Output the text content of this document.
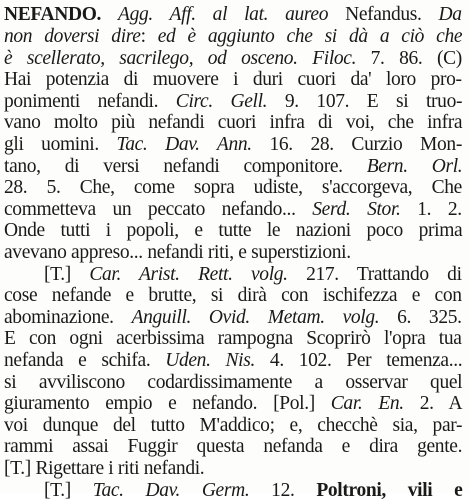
NEFANDO. Agg. Aff. al lat. aureo Nefandus. Da
non doversi dire: ed è aggiunto che si dà a ciò che
è scellerato, sacrilego, od osceno. Filoc. 7. 86. (C)
Hai potenzia di muovere i duri cuori da' loro pro-
ponimenti nefandi. Circ. Gell. 9. 107. E si truo-
vano molto più nefandi cuori infra di voi, che infra
gli uomini. Tac. Dav. Ann. 16. 28. Curzio Mon-
tano, di versi nefandi componitore. Bern. Orl.
28. 5. Che, come sopra udiste, s'accorgeva, Che
commetteva un peccato nefando... Serd. Stor. 1. 2.
Onde tutti i popoli, e tutte le nazioni poco prima
avevano appreso... nefandi riti, e superstizioni.
[T.] Car. Arist. Rett. volg. 217. Trattando di
cose nefande e brutte, si dirà con ischifezza e con
abominazione. Anguill. Ovid. Metam. volg. 6. 325.
E con ogni acerbissima rampogna Scoprirò l'opra tua
nefanda e schifa. Uden. Nis. 4. 102. Per temenza...
si avviliscono codardissimamente a osservar quel
giuramento empio e nefando. [Pol.] Car. En. 2. A
voi dunque del tutto M'addico; e, checchè sia, par-
rammi assai Fuggir questa nefanda e dira gente.
[T.] Rigettare i riti nefandi.
[T.] Tac. Dav. Germ. 12. Poltroni, vili e
